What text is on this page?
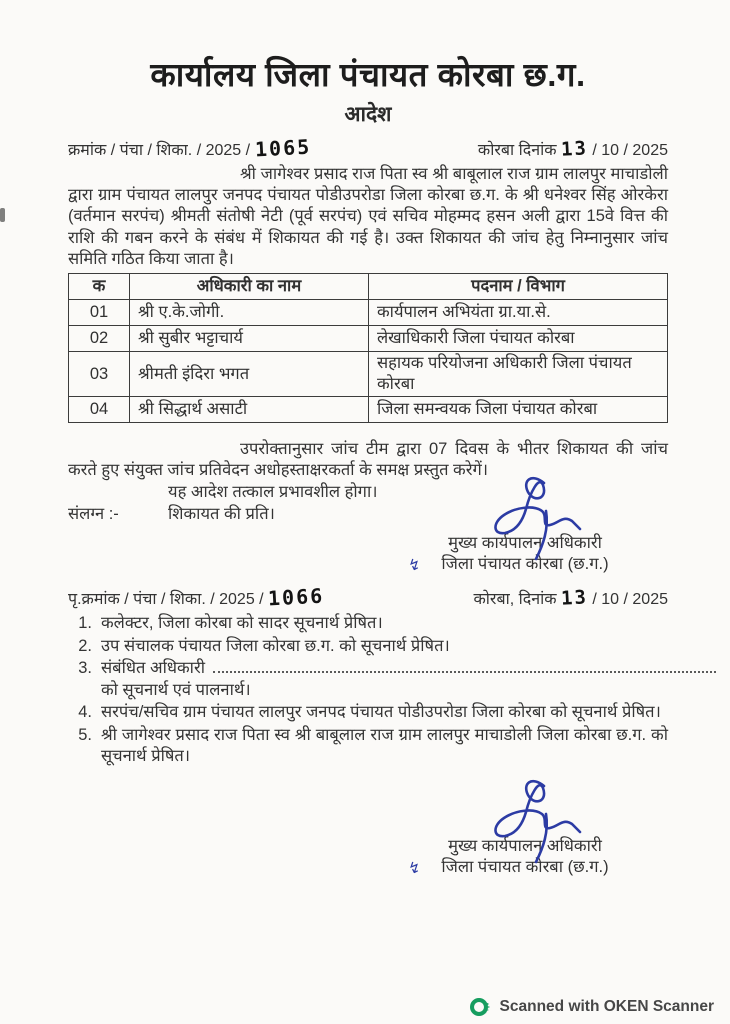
कार्यालय जिला पंचायत कोरबा छ.ग.
आदेश
क्रमांक / पंचा / शिका. / 2025 / 1065	कोरबा दिनांक 13 / 10 / 2025
श्री जागेश्वर प्रसाद राज पिता स्व श्री बाबूलाल राज ग्राम लालपुर माचाडोली द्वारा ग्राम पंचायत लालपुर जनपद पंचायत पोडीउपरोडा जिला कोरबा छ.ग. के श्री धनेश्वर सिंह ओरकेरा (वर्तमान सरपंच) श्रीमती संतोषी नेटी (पूर्व सरपंच) एवं सचिव मोहम्मद हसन अली द्वारा 15वे वित्त की राशि की गबन करने के संबंध में शिकायत की गई है। उक्त शिकायत की जांच हेतु निम्नानुसार जांच समिति गठित किया जाता है।
क	अधिकारी का नाम	पदनाम / विभाग
01	श्री ए.के.जोगी.	कार्यपालन अभियंता ग्रा.या.से.
02	श्री सुबीर भट्टाचार्य	लेखाधिकारी जिला पंचायत कोरबा
03	श्रीमती इंदिरा भगत	सहायक परियोजना अधिकारी जिला पंचायत कोरबा
04	श्री सिद्धार्थ असाटी	जिला समन्वयक जिला पंचायत कोरबा
उपरोक्तानुसार जांच टीम द्वारा 07 दिवस के भीतर शिकायत की जांच करते हुए संयुक्त जांच प्रतिवेदन अधोहस्ताक्षरकर्ता के समक्ष प्रस्तुत करेगें।
यह आदेश तत्काल प्रभावशील होगा।
संलग्न :-	शिकायत की प्रति।
↯
मुख्य कार्यपालन अधिकारी
जिला पंचायत कोरबा (छ.ग.)
पृ.क्रमांक / पंचा / शिका. / 2025 / 1066	कोरबा, दिनांक 13 / 10 / 2025
1. कलेक्टर, जिला कोरबा को सादर सूचनार्थ प्रेषित।
2. उप संचालक पंचायत जिला कोरबा छ.ग. को सूचनार्थ प्रेषित।
3. संबंधित अधिकारी
को सूचनार्थ एवं पालनार्थ।
4. सरपंच/सचिव ग्राम पंचायत लालपुर जनपद पंचायत पोडीउपरोडा जिला कोरबा को सूचनार्थ प्रेषित।
5. श्री जागेश्वर प्रसाद राज पिता स्व श्री बाबूलाल राज ग्राम लालपुर माचाडोली जिला कोरबा छ.ग. को सूचनार्थ प्रेषित।
↯
मुख्य कार्यपालन अधिकारी
जिला पंचायत कोरबा (छ.ग.)
Scanned with OKEN Scanner
